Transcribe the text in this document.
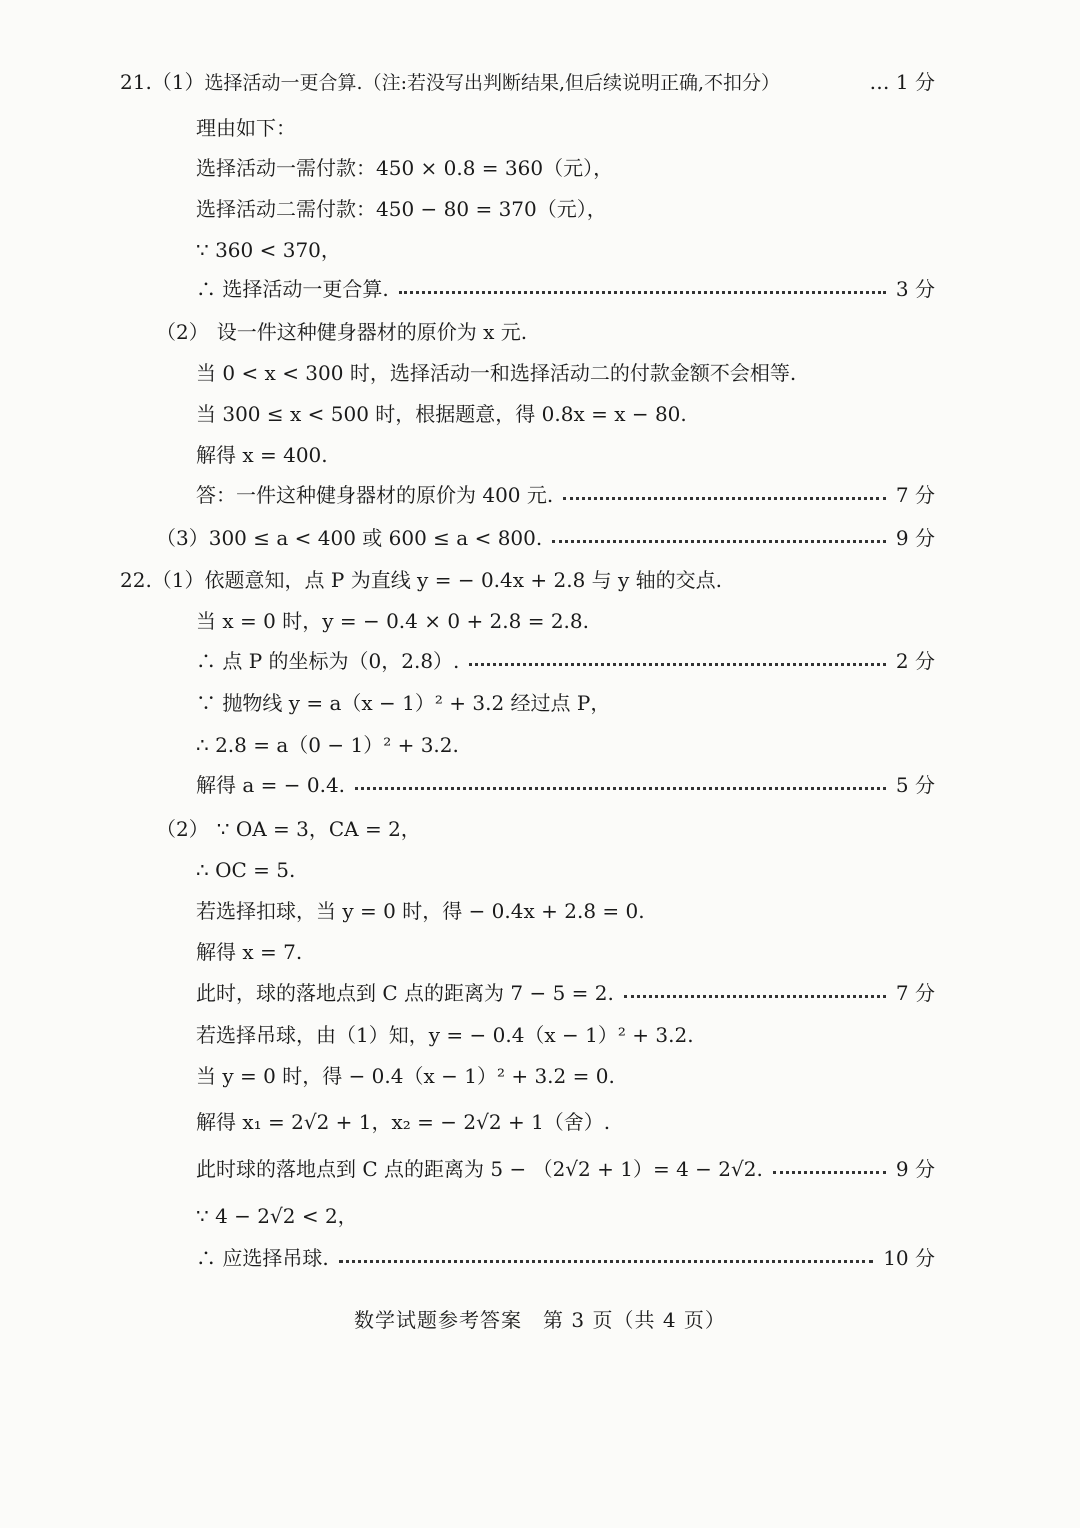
21.（1） 选择活动一更合算.（注:若没写出判断结果,但后续说明正确,不扣分）	… 1 分
理由如下：
选择活动一需付款：450 × 0.8 = 360（元），
选择活动二需付款：450 − 80 = 370（元），
∵ 360 < 370，
∴ 选择活动一更合算.	3 分
（2） 设一件这种健身器材的原价为 x 元.
当 0 < x < 300 时，选择活动一和选择活动二的付款金额不会相等.
当 300 ≤ x < 500 时，根据题意，得 0.8x = x − 80.
解得 x = 400.
答：一件这种健身器材的原价为 400 元.	7 分
（3）300 ≤ a < 400 或 600 ≤ a < 800.	9 分
22.（1） 依题意知，点 P 为直线 y = − 0.4x + 2.8 与 y 轴的交点.
当 x = 0 时，y = − 0.4 × 0 + 2.8 = 2.8.
∴ 点 P 的坐标为（0，2.8）.	2 分
∵ 抛物线 y = a（x − 1）² + 3.2 经过点 P，
∴ 2.8 = a（0 − 1）² + 3.2.
解得 a = − 0.4.	5 分
（2） ∵ OA = 3，CA = 2，
∴ OC = 5.
若选择扣球，当 y = 0 时，得 − 0.4x + 2.8 = 0.
解得 x = 7.
此时，球的落地点到 C 点的距离为 7 − 5 = 2.	7 分
若选择吊球，由（1）知，y = − 0.4（x − 1）² + 3.2.
当 y = 0 时，得 − 0.4（x − 1）² + 3.2 = 0.
解得 x₁ = 2√2 + 1，x₂ = − 2√2 + 1（舍）.
此时球的落地点到 C 点的距离为 5 − （2√2 + 1）= 4 − 2√2.	9 分
∵ 4 − 2√2 < 2，
∴ 应选择吊球.	10 分
数学试题参考答案　第 3 页（共 4 页）
